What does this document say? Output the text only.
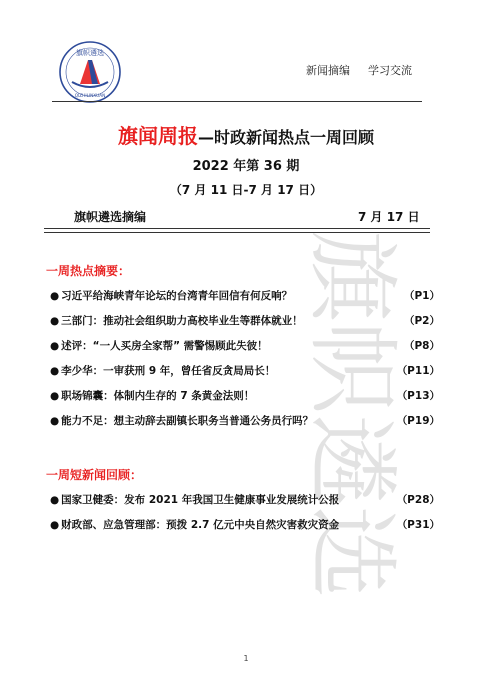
旗帜遴选
QIZHILINXUAN
新闻摘编 学习交流
旗帜遴选
旗闻周报—时政新闻热点一周回顾
2022 年第 36 期
（7 月 11 日-7 月 17 日）
旗帜遴选摘编	7 月 17 日
一周热点摘要：
● 习近平给海峡青年论坛的台湾青年回信有何反响？	（P1）
● 三部门：推动社会组织助力高校毕业生等群体就业！	（P2）
● 述评：“一人买房全家帮” 需警惕顾此失彼！	（P8）
● 李少华：一审获刑 9 年，曾任省反贪局局长！	（P11）
● 职场锦囊：体制内生存的 7 条黄金法则！	（P13）
● 能力不足：想主动辞去副镇长职务当普通公务员行吗？	（P19）
一周短新闻回顾：
● 国家卫健委：发布 2021 年我国卫生健康事业发展统计公报	（P28）
● 财政部、应急管理部：预拨 2.7 亿元中央自然灾害救灾资金	（P31）
1
